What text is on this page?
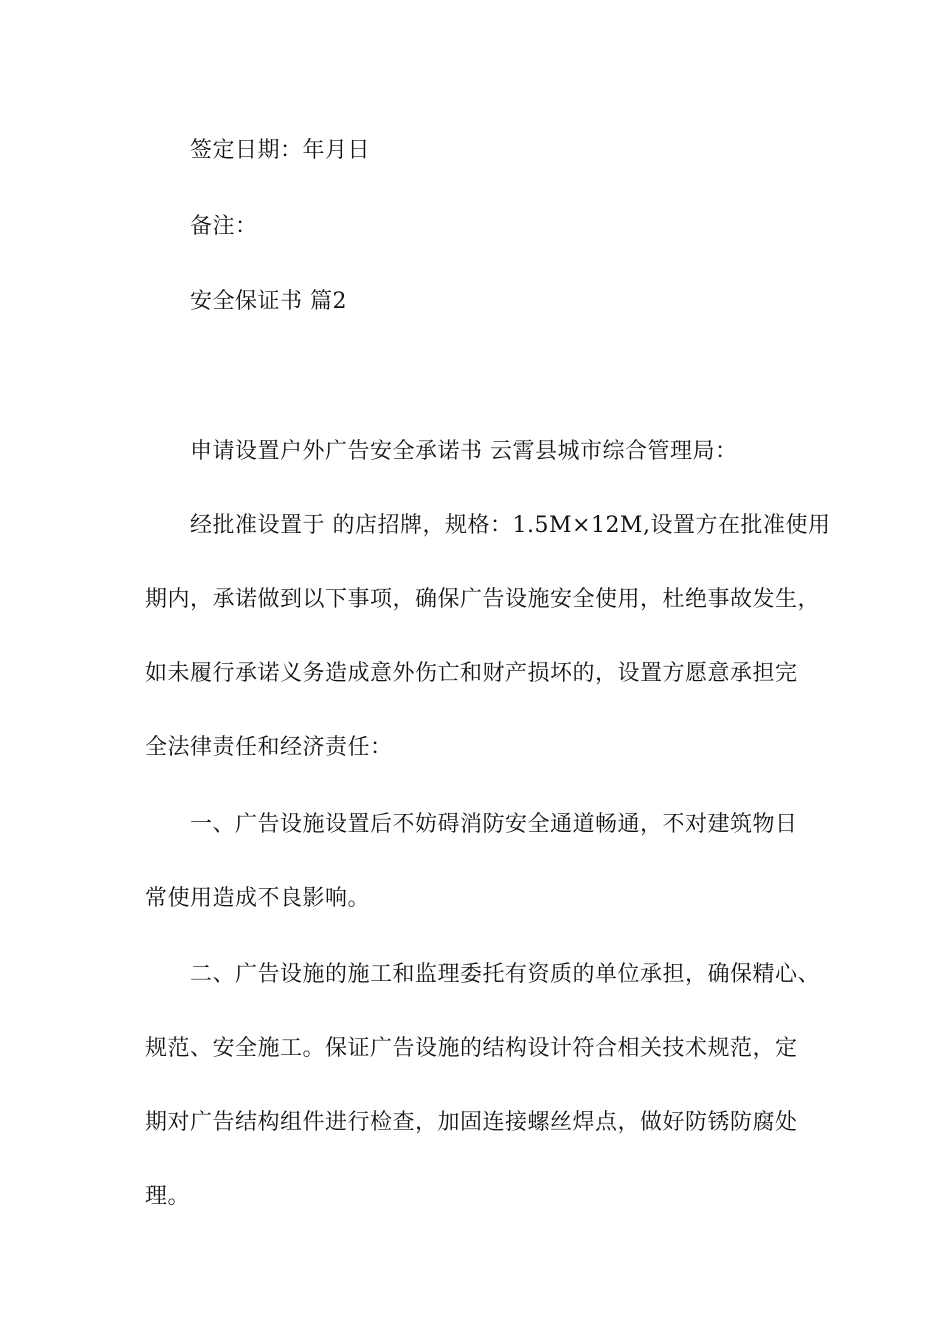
签定日期：年月日
备注：
安全保证书 篇2
申请设置户外广告安全承诺书 云霄县城市综合管理局：
经批准设置于 的店招牌，规格：1.5M×12M,设置方在批准使用
期内，承诺做到以下事项，确保广告设施安全使用，杜绝事故发生，
如未履行承诺义务造成意外伤亡和财产损坏的，设置方愿意承担完
全法律责任和经济责任：
一、广告设施设置后不妨碍消防安全通道畅通，不对建筑物日
常使用造成不良影响。
二、广告设施的施工和监理委托有资质的单位承担，确保精心、
规范、安全施工。保证广告设施的结构设计符合相关技术规范，定
期对广告结构组件进行检查，加固连接螺丝焊点，做好防锈防腐处
理。
